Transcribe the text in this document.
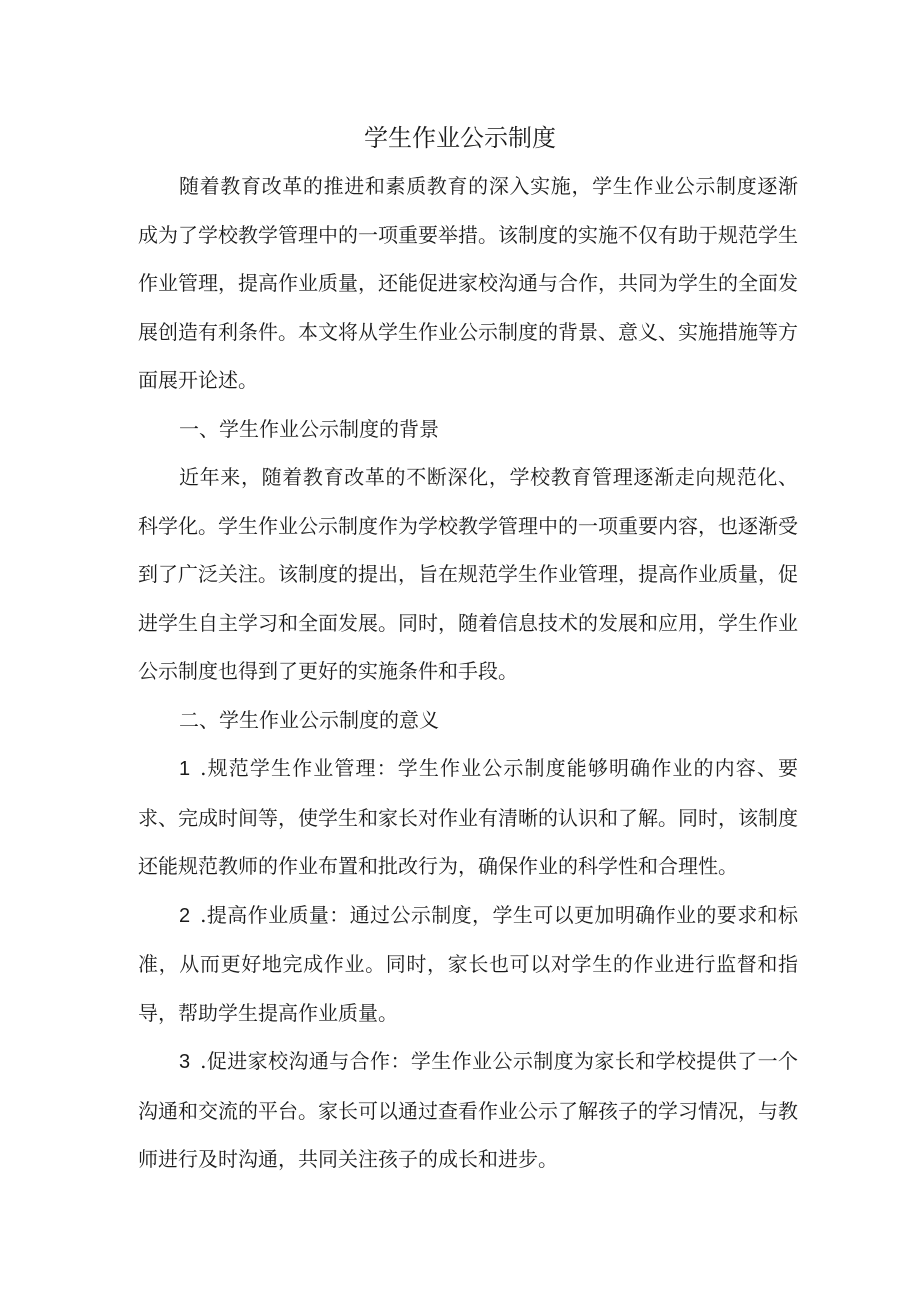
学生作业公示制度

随着教育改革的推进和素质教育的深入实施，学生作业公示制度逐渐成为了学校教学管理中的一项重要举措。该制度的实施不仅有助于规范学生作业管理，提高作业质量，还能促进家校沟通与合作，共同为学生的全面发展创造有利条件。本文将从学生作业公示制度的背景、意义、实施措施等方面展开论述。

一、学生作业公示制度的背景

近年来，随着教育改革的不断深化，学校教育管理逐渐走向规范化、科学化。学生作业公示制度作为学校教学管理中的一项重要内容，也逐渐受到了广泛关注。该制度的提出，旨在规范学生作业管理，提高作业质量，促进学生自主学习和全面发展。同时，随着信息技术的发展和应用，学生作业公示制度也得到了更好的实施条件和手段。

二、学生作业公示制度的意义

1  .规范学生作业管理：学生作业公示制度能够明确作业的内容、要求、完成时间等，使学生和家长对作业有清晰的认识和了解。同时，该制度还能规范教师的作业布置和批改行为，确保作业的科学性和合理性。

2  .提高作业质量：通过公示制度，学生可以更加明确作业的要求和标准，从而更好地完成作业。同时，家长也可以对学生的作业进行监督和指导，帮助学生提高作业质量。

3  .促进家校沟通与合作：学生作业公示制度为家长和学校提供了一个沟通和交流的平台。家长可以通过查看作业公示了解孩子的学习情况，与教师进行及时沟通，共同关注孩子的成长和进步。
